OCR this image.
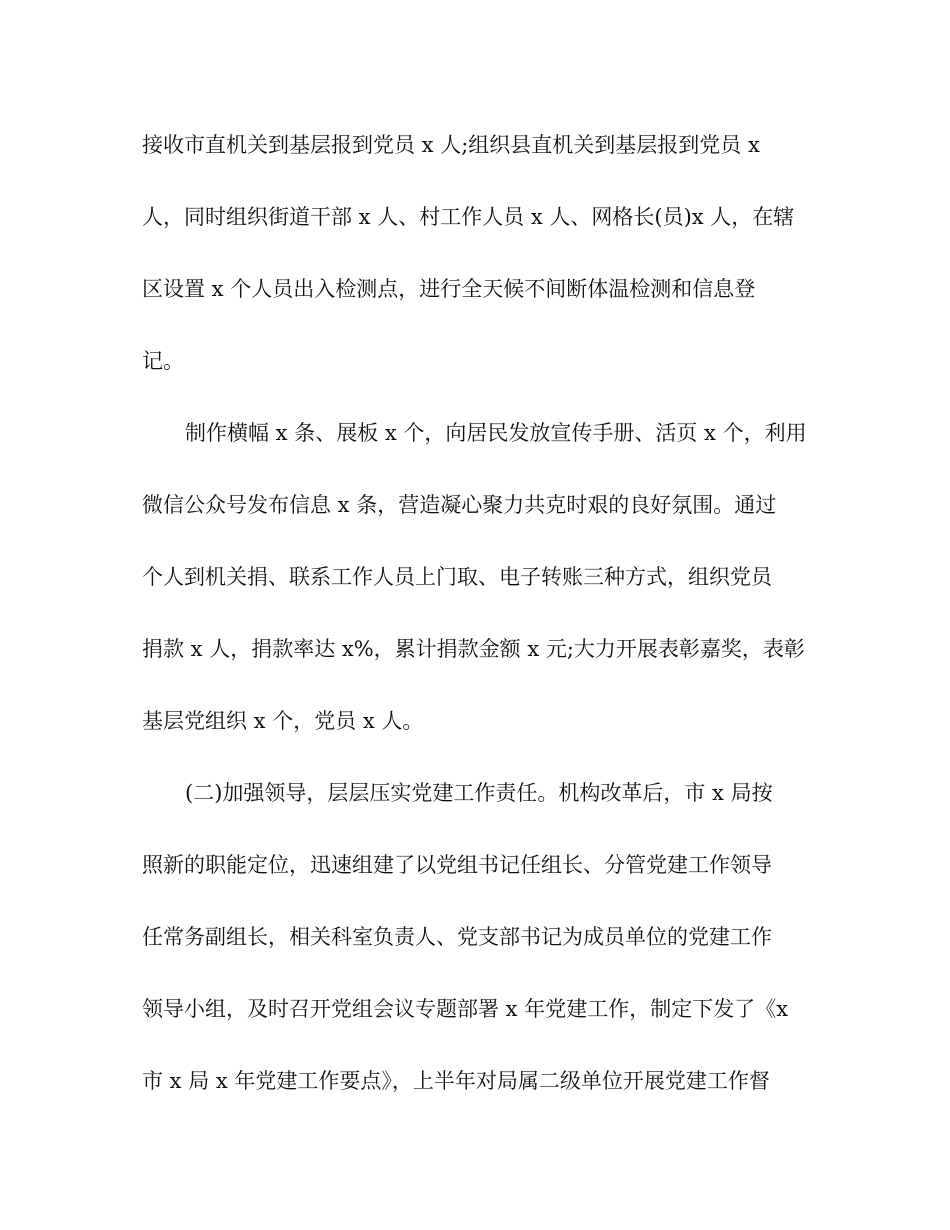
接收市直机关到基层报到党员 x 人;组织县直机关到基层报到党员 x
人，同时组织街道干部 x 人、村工作人员 x 人、网格长(员)x 人，在辖
区设置 x 个人员出入检测点，进行全天候不间断体温检测和信息登
记。
制作横幅 x 条、展板 x 个，向居民发放宣传手册、活页 x 个，利用
微信公众号发布信息 x 条，营造凝心聚力共克时艰的良好氛围。通过
个人到机关捐、联系工作人员上门取、电子转账三种方式，组织党员
捐款 x 人，捐款率达 x%，累计捐款金额 x 元;大力开展表彰嘉奖，表彰
基层党组织 x 个，党员 x 人。
(二)加强领导，层层压实党建工作责任。机构改革后，市 x 局按
照新的职能定位，迅速组建了以党组书记任组长、分管党建工作领导
任常务副组长，相关科室负责人、党支部书记为成员单位的党建工作
领导小组，及时召开党组会议专题部署 x 年党建工作，制定下发了《x
市 x 局 x 年党建工作要点》，上半年对局属二级单位开展党建工作督
